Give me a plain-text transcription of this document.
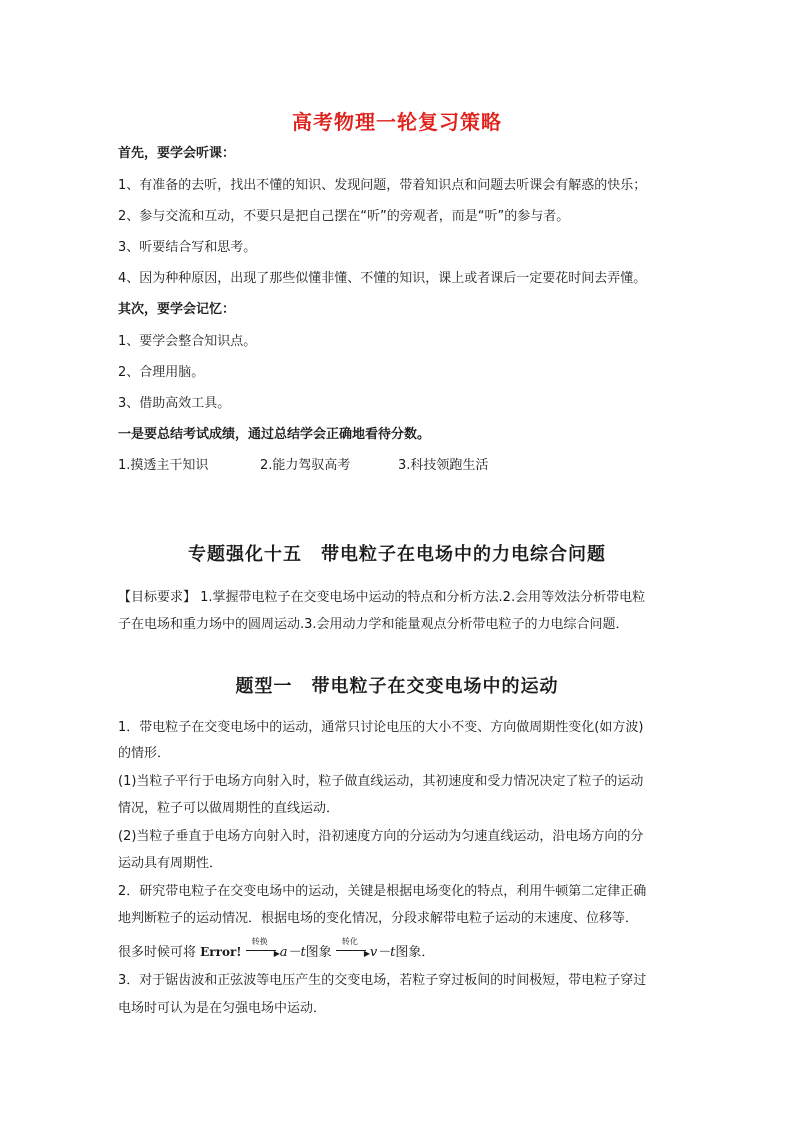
高考物理一轮复习策略
首先，要学会听课：
1、有准备的去听，找出不懂的知识、发现问题，带着知识点和问题去听课会有解惑的快乐；
2、参与交流和互动，不要只是把自己摆在“听”的旁观者，而是“听”的参与者。
3、听要结合写和思考。
4、因为种种原因，出现了那些似懂非懂、不懂的知识，课上或者课后一定要花时间去弄懂。
其次，要学会记忆：
1、要学会整合知识点。
2、合理用脑。
3、借助高效工具。
一是要总结考试成绩，通过总结学会正确地看待分数。
1.摸透主干知识	2.能力驾驭高考	3.科技领跑生活
专题强化十五　带电粒子在电场中的力电综合问题
【目标要求】 1.掌握带电粒子在交变电场中运动的特点和分析方法.2.会用等效法分析带电粒
子在电场和重力场中的圆周运动.3.会用动力学和能量观点分析带电粒子的力电综合问题．
题型一　带电粒子在交变电场中的运动
1．带电粒子在交变电场中的运动，通常只讨论电压的大小不变、方向做周期性变化(如方波)
的情形．
(1)当粒子平行于电场方向射入时，粒子做直线运动，其初速度和受力情况决定了粒子的运动
情况，粒子可以做周期性的直线运动．
(2)当粒子垂直于电场方向射入时，沿初速度方向的分运动为匀速直线运动，沿电场方向的分
运动具有周期性．
2．研究带电粒子在交变电场中的运动，关键是根据电场变化的特点，利用牛顿第二定律正确
地判断粒子的运动情况．根据电场的变化情况，分段求解带电粒子运动的末速度、位移等．
很多时候可将 Error!
转换
▶ a－t图象
转化
▶ v－t图象．
3．对于锯齿波和正弦波等电压产生的交变电场，若粒子穿过板间的时间极短，带电粒子穿过
电场时可认为是在匀强电场中运动．
